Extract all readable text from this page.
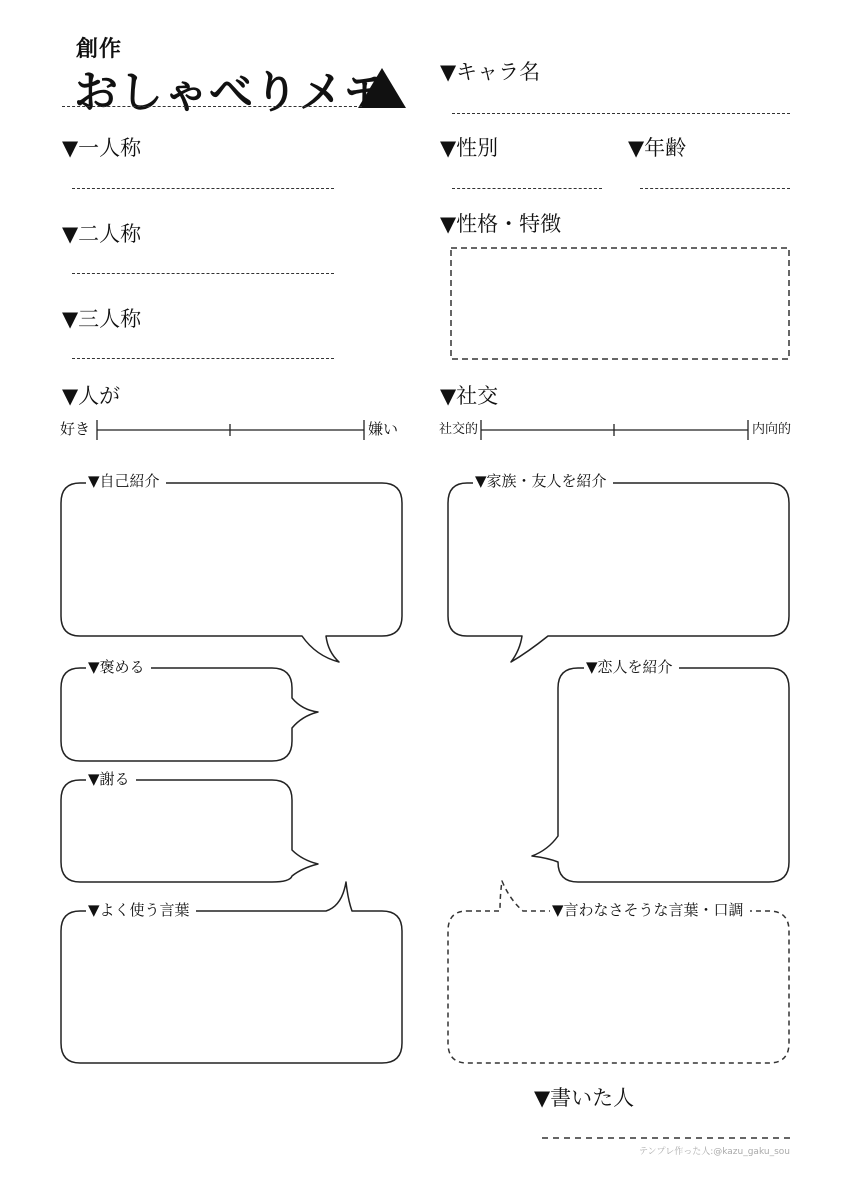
創作
おしゃべりメモ ▼キャラ名
▼一人称
▼二人称
▼三人称
▼性別	▼年齢
▼性格・特徴
▼人が
好き	嫌い
▼社交
社交的	内向的
▼自己紹介	▼家族・友人を紹介
▼褒める	▼恋人を紹介
▼謝る
▼よく使う言葉	▼言わなさそうな言葉・口調
▼書いた人
テンプレ作った人:@kazu_gaku_sou
